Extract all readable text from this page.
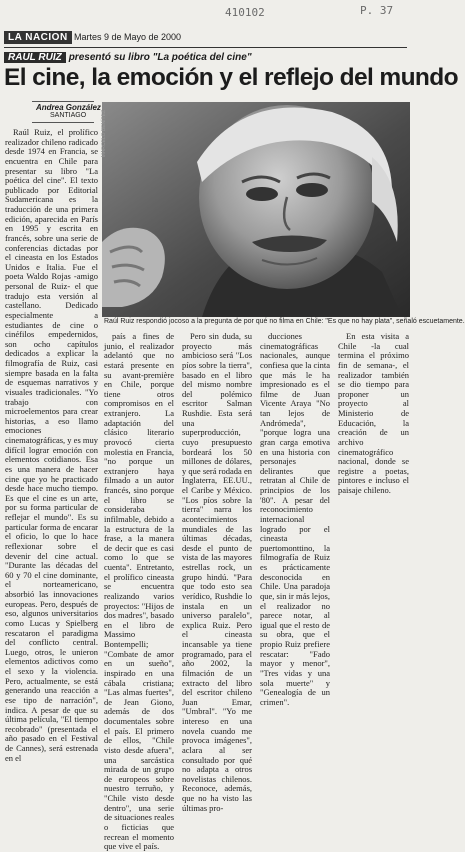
410102	P. 37
LA NACION Martes 9 de Mayo de 2000
RAUL RUIZ presentó su libro "La poética del cine"
El cine, la emoción y el reflejo del mundo
Andrea González
SANTIAGO	MARCELO BENÍTEZ
Raúl Ruiz respondió jocoso a la pregunta de por qué no filma en Chile: "Es que no hay plata", señaló escuetamente.

Raúl Ruiz, el prolífico realizador chileno radicado desde 1974 en Francia, se encuentra en Chile para presentar su libro "La poética del cine". El texto publicado por Editorial Sudamericana es la traducción de una primera edición, aparecida en París en 1995 y escrita en francés, sobre una serie de conferencias dictadas por el cineasta en los Estados Unidos e Italia. Fue el poeta Waldo Rojas -amigo personal de Ruiz- el que tradujo esta versión al castellano. Dedicado especialmente a estudiantes de cine o cinéfilos empedernidos, son ocho capítulos dedicados a explicar la filmografía de Ruiz, casi siempre basada en la falta de esquemas narrativos y visuales tradicionales. "Yo trabajo con microelementos para crear historias, a eso llamo emociones cinematográficas, y es muy difícil lograr emoción con elementos cotidianos. Esa es una manera de hacer cine que yo he practicado desde hace mucho tiempo. Es que el cine es un arte, por su forma particular de reflejar el mundo". Es su particular forma de encarar el oficio, lo que lo hace reflexionar sobre el devenir del cine actual. "Durante las décadas del 60 y 70 el cine dominante, el norteamericano, absorbió las innovaciones europeas. Pero, después de eso, algunos universitarios como Lucas y Spielberg rescataron el paradigma del conflicto central. Luego, otros, le unieron elementos adictivos como el sexo y la violencia. Pero, actualmente, se está generando una reacción a ese tipo de narración", indica. A pesar de que su última película, "El tiempo recobrado" (presentada el año pasado en el Festival de Cannes), será estrenada en el

país a fines de junio, el realizador adelantó que no estará presente en su avant-première en Chile, porque tiene otros compromisos en el extranjero. La adaptación del clásico literario provocó cierta molestia en Francia, "no porque un extranjero haya filmado a un autor francés, sino porque el libro se consideraba infilmable, debido a la estructura de la frase, a la manera de decir que es casi como lo que se cuenta". Entretanto, el prolífico cineasta se encuentra realizando varios proyectos: "Hijos de dos madres", basado en el libro de Massimo Bontempelli; "Combate de amor en un sueño", inspirado en una cábala cristiana; "Las almas fuertes", de Jean Giono, además de dos documentales sobre el país. El primero de ellos, "Chile visto desde afuera", una sarcástica mirada de un grupo de europeos sobre nuestro terruño, y "Chile visto desde dentro", una serie de situaciones reales o ficticias que recrean el momento que vive el país.

Pero sin duda, su proyecto más ambicioso será "Los píos sobre la tierra", basado en el libro del mismo nombre del polémico escritor Salman Rushdie. Esta será una superproducción, cuyo presupuesto bordeará los 50 millones de dólares, y que será rodada en Inglaterra, EE.UU., el Caribe y México. "Los píos sobre la tierra" narra los acontecimientos mundiales de las últimas décadas, desde el punto de vista de las mayores estrellas rock, un grupo hindú. "Para que todo esto sea verídico, Rushdie lo instala en un universo paralelo", explica Ruiz. Pero el cineasta incansable ya tiene programado, para el año 2002, la filmación de un extracto del libro del escritor chileno Juan Emar, "Umbral". "Yo me intereso en una novela cuando me provoca imágenes", aclara al ser consultado por qué no adapta a otros novelistas chilenos. Reconoce, además, que no ha visto las últimas pro-

ducciones cinematográficas nacionales, aunque confiesa que la cinta que más le ha impresionado es el filme de Juan Vicente Araya "No tan lejos de Andrómeda", "porque logra una gran carga emotiva en una historia con personajes delirantes que retratan al Chile de principios de los '80". A pesar del reconocimiento internacional logrado por el cineasta puertomonttino, la filmografía de Ruiz es prácticamente desconocida en Chile. Una paradoja que, sin ir más lejos, el realizador no parece notar, al igual que el resto de su obra, que el propio Ruiz prefiere rescatar: "Fado mayor y menor", "Tres vidas y una sola muerte" y "Genealogía de un crimen".

En esta visita a Chile -la cual termina el próximo fin de semana-, el realizador también se dio tiempo para proponer un proyecto al Ministerio de Educación, la creación de un archivo cinematográfico nacional, donde se registre a poetas, pintores e incluso el paisaje chileno.
